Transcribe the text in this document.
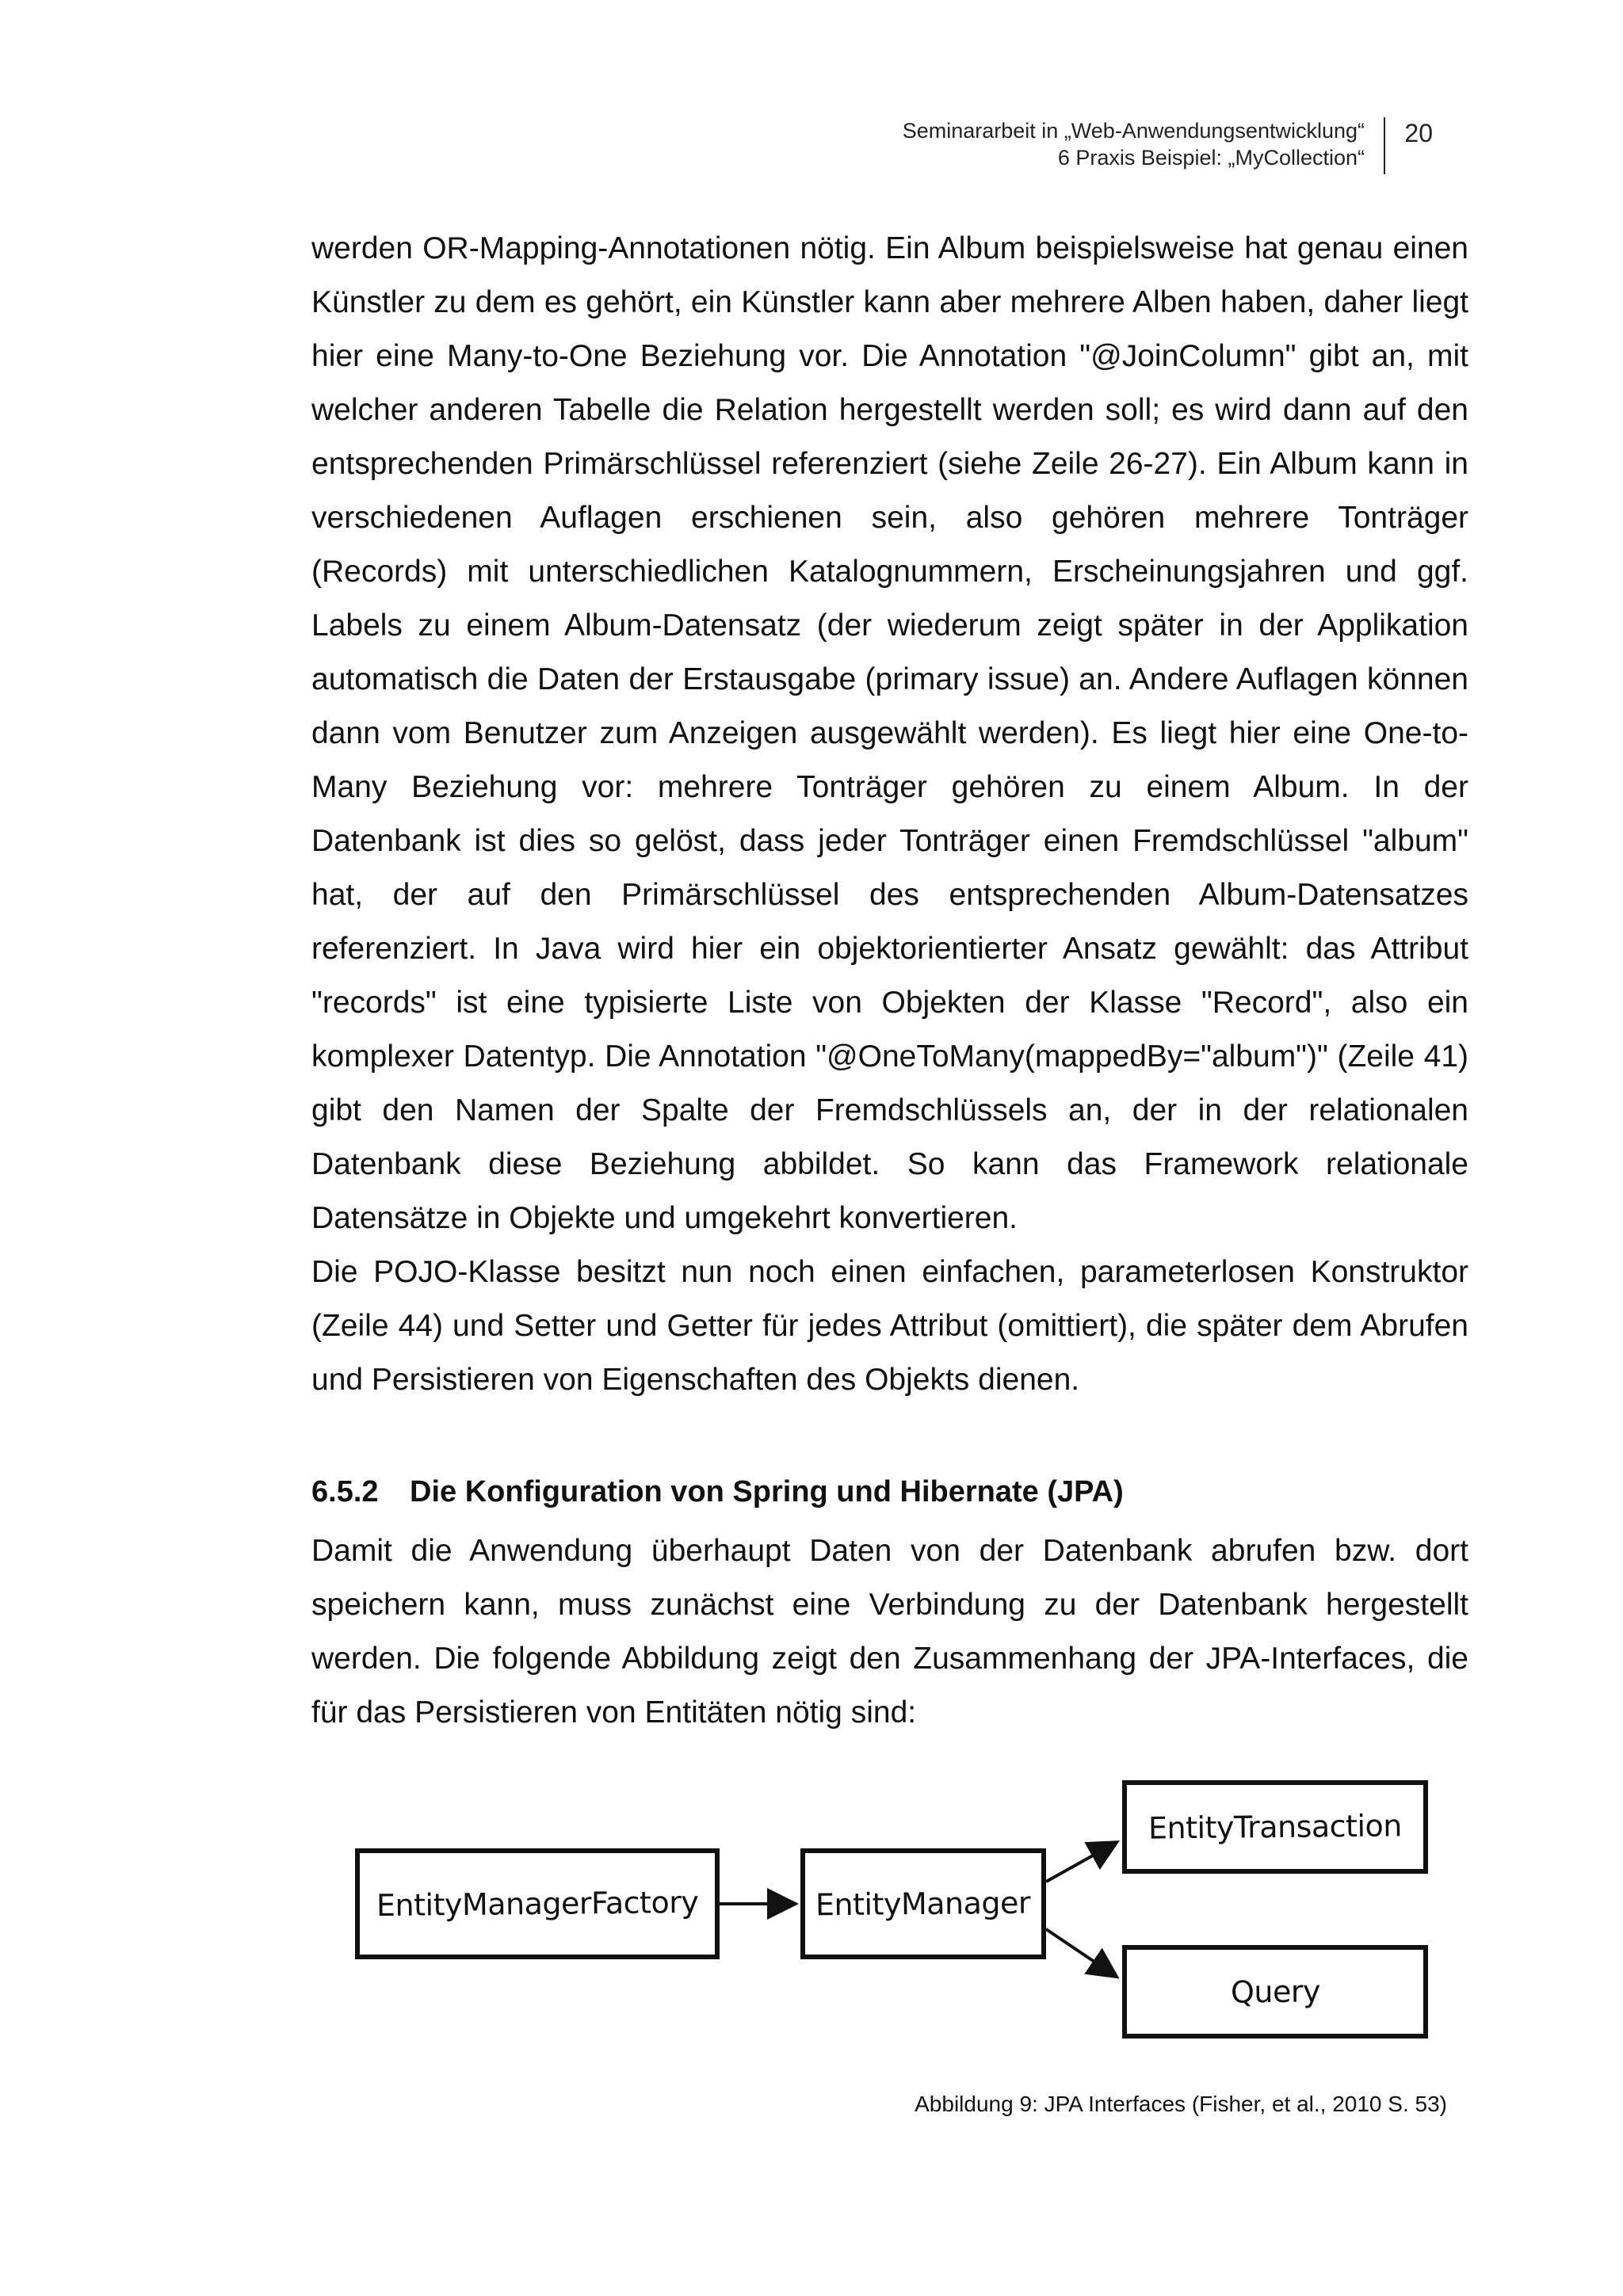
Seminararbeit in „Web-Anwendungsentwicklung“
6 Praxis Beispiel: „MyCollection“
20

werden OR-Mapping-Annotationen nötig. Ein Album beispielsweise hat genau einen Künstler zu dem es gehört, ein Künstler kann aber mehrere Alben haben, daher liegt hier eine Many-to-One Beziehung vor. Die Annotation "@JoinColumn" gibt an, mit welcher anderen Tabelle die Relation hergestellt werden soll; es wird dann auf den entsprechenden Primärschlüssel referenziert (siehe Zeile 26-27). Ein Album kann in verschiedenen Auflagen erschienen sein, also gehören mehrere Tonträger (Records) mit unterschiedlichen Katalognummern, Erscheinungsjahren und ggf. Labels zu einem Album-Datensatz (der wiederum zeigt später in der Applikation automatisch die Daten der Erstausgabe (primary issue) an. Andere Auflagen können dann vom Benutzer zum Anzeigen ausgewählt werden). Es liegt hier eine One-to-Many Beziehung vor: mehrere Tonträger gehören zu einem Album. In der Datenbank ist dies so gelöst, dass jeder Tonträger einen Fremdschlüssel "album" hat, der auf den Primärschlüssel des entsprechenden Album-Datensatzes referenziert. In Java wird hier ein objektorientierter Ansatz gewählt: das Attribut "records" ist eine typisierte Liste von Objekten der Klasse "Record", also ein komplexer Datentyp. Die Annotation "@OneToMany(mappedBy="album")" (Zeile 41) gibt den Namen der Spalte der Fremdschlüssels an, der in der relationalen Datenbank diese Beziehung abbildet. So kann das Framework relationale Datensätze in Objekte und umgekehrt konvertieren.

Die POJO-Klasse besitzt nun noch einen einfachen, parameterlosen Konstruktor (Zeile 44) und Setter und Getter für jedes Attribut (omittiert), die später dem Abrufen und Persistieren von Eigenschaften des Objekts dienen.

6.5.2 Die Konfiguration von Spring und Hibernate (JPA)

Damit die Anwendung überhaupt Daten von der Datenbank abrufen bzw. dort speichern kann, muss zunächst eine Verbindung zu der Datenbank hergestellt werden. Die folgende Abbildung zeigt den Zusammenhang der JPA-Interfaces, die für das Persistieren von Entitäten nötig sind:

EntityManagerFactory	EntityManager
EntityTransaction
Query
Abbildung 9: JPA Interfaces (Fisher, et al., 2010 S. 53)
